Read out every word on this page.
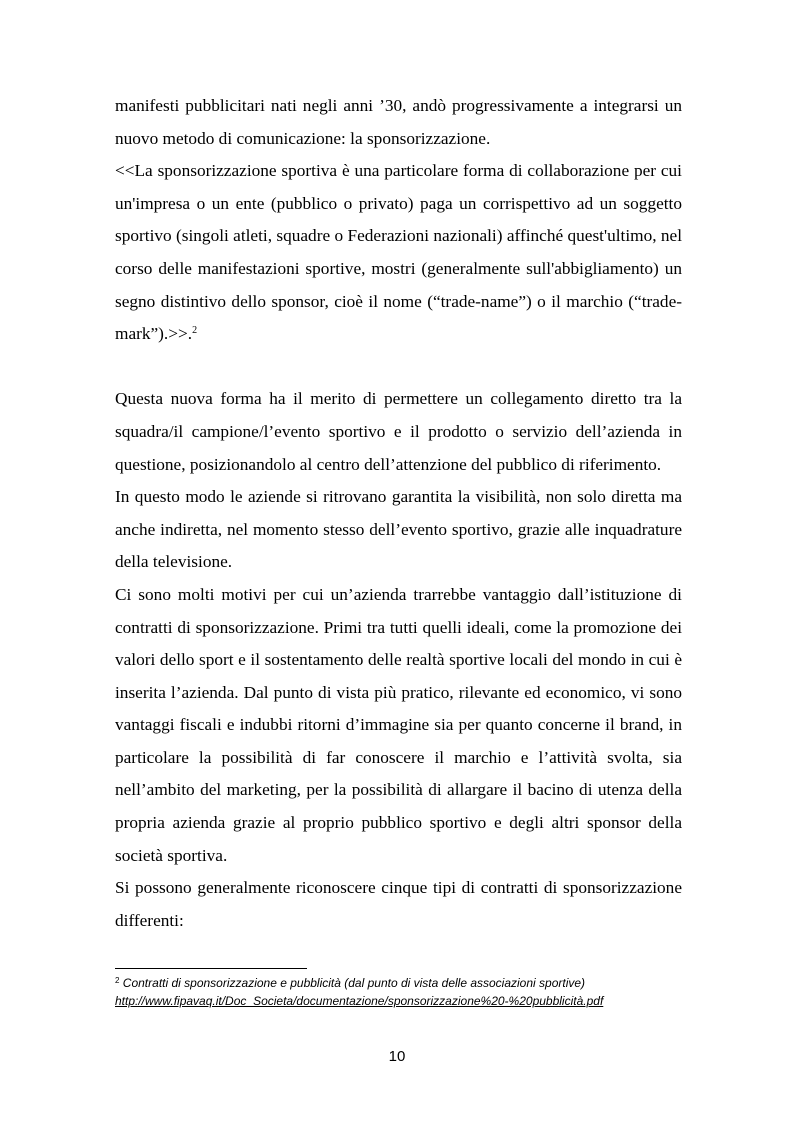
manifesti pubblicitari nati negli anni ’30, andò progressivamente a integrarsi un nuovo metodo di comunicazione: la sponsorizzazione.

<<La sponsorizzazione sportiva è una particolare forma di collaborazione per cui un'impresa o un ente (pubblico o privato) paga un corrispettivo ad un soggetto sportivo (singoli atleti, squadre o Federazioni nazionali) affinché quest'ultimo, nel corso delle manifestazioni sportive, mostri (generalmente sull'abbigliamento) un segno distintivo dello sponsor, cioè il nome (“trade-name”) o il marchio (“trade-mark”).>>.$^2$

Questa nuova forma ha il merito di permettere un collegamento diretto tra la squadra/il campione/l’evento sportivo e il prodotto o servizio dell’azienda in questione, posizionandolo al centro dell’attenzione del pubblico di riferimento.

In questo modo le aziende si ritrovano garantita la visibilità, non solo diretta ma anche indiretta, nel momento stesso dell’evento sportivo, grazie alle inquadrature della televisione.

Ci sono molti motivi per cui un’azienda trarrebbe vantaggio dall’istituzione di contratti di sponsorizzazione. Primi tra tutti quelli ideali, come la promozione dei valori dello sport e il sostentamento delle realtà sportive locali del mondo in cui è inserita l’azienda. Dal punto di vista più pratico, rilevante ed economico, vi sono vantaggi fiscali e indubbi ritorni d’immagine sia per quanto concerne il brand, in particolare la possibilità di far conoscere il marchio e l’attività svolta, sia nell’ambito del marketing, per la possibilità di allargare il bacino di utenza della propria azienda grazie al proprio pubblico sportivo e degli altri sponsor della società sportiva.

Si possono generalmente riconoscere cinque tipi di contratti di sponsorizzazione differenti:

$^2$ Contratti di sponsorizzazione e pubblicità (dal punto di vista delle associazioni sportive)
http://www.fipavaq.it/Doc_Societa/documentazione/sponsorizzazione%20-%20pubblicità.pdf
10
